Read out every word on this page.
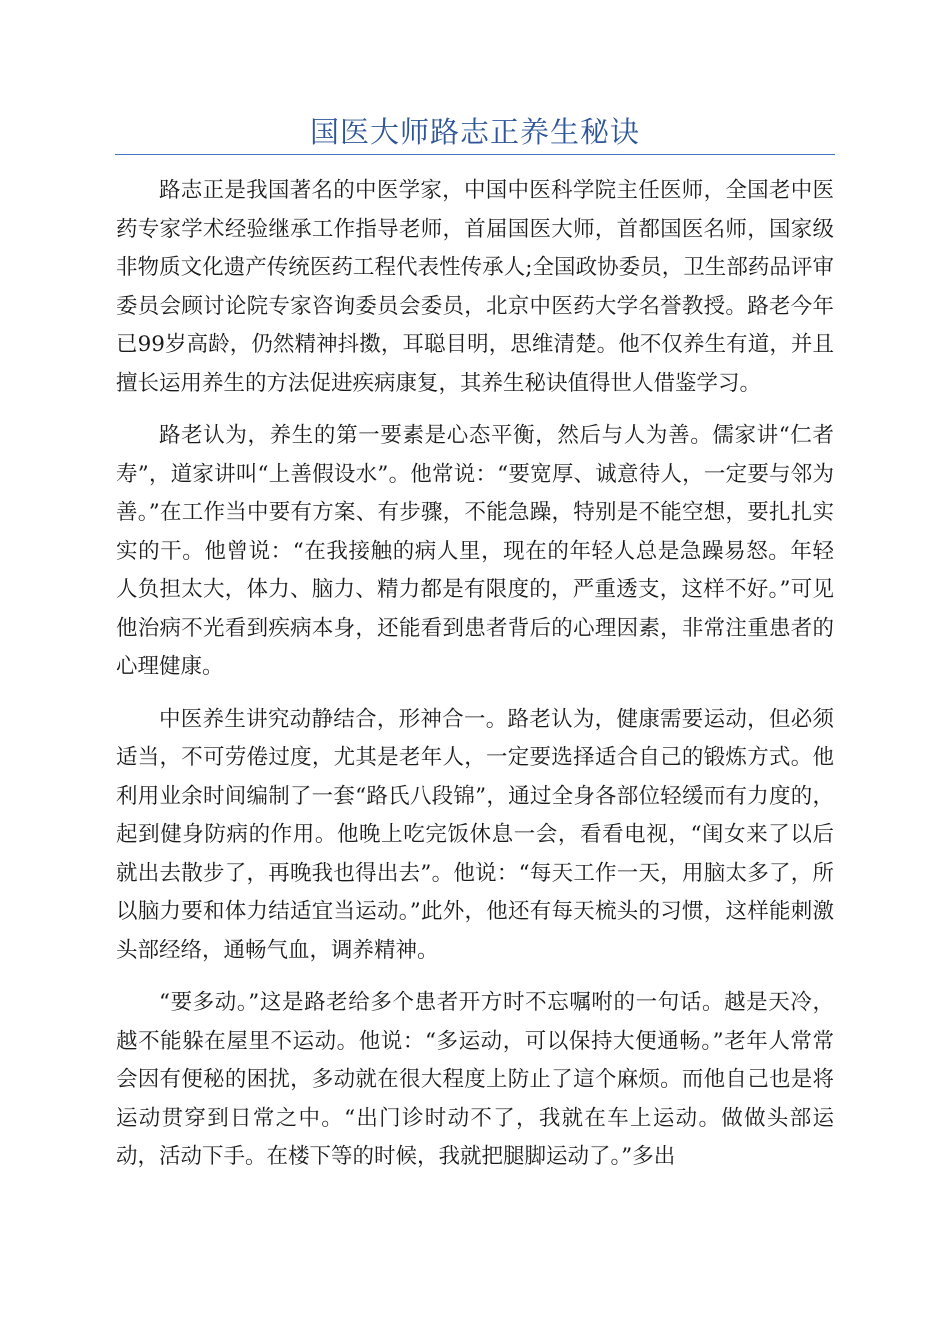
国医大师路志正养生秘诀

路志正是我国著名的中医学家，中国中医科学院主任医师，全国老中医药专家学术经验继承工作指导老师，首届国医大师，首都国医名师，国家级非物质文化遗产传统医药工程代表性传承人;全国政协委员，卫生部药品评审委员会顾讨论院专家咨询委员会委员，北京中医药大学名誉教授。路老今年已99岁高龄，仍然精神抖擞，耳聪目明，思维清楚。他不仅养生有道，并且擅长运用养生的方法促进疾病康复，其养生秘诀值得世人借鉴学习。

路老认为，养生的第一要素是心态平衡，然后与人为善。儒家讲“仁者寿”，道家讲叫“上善假设水”。他常说：“要宽厚、诚意待人，一定要与邻为善。”在工作当中要有方案、有步骤，不能急躁，特别是不能空想，要扎扎实实的干。他曾说：“在我接触的病人里，现在的年轻人总是急躁易怒。年轻人负担太大，体力、脑力、精力都是有限度的，严重透支，这样不好。”可见他治病不光看到疾病本身，还能看到患者背后的心理因素，非常注重患者的心理健康。

中医养生讲究动静结合，形神合一。路老认为，健康需要运动，但必须适当，不可劳倦过度，尤其是老年人，一定要选择适合自己的锻炼方式。他利用业余时间编制了一套“路氏八段锦”，通过全身各部位轻缓而有力度的，起到健身防病的作用。他晚上吃完饭休息一会，看看电视，“闺女来了以后就出去散步了，再晚我也得出去”。他说：“每天工作一天，用脑太多了，所以脑力要和体力结适宜当运动。”此外，他还有每天梳头的习惯，这样能刺激头部经络，通畅气血，调养精神。

“要多动。”这是路老给多个患者开方时不忘嘱咐的一句话。越是天冷，越不能躲在屋里不运动。他说：“多运动，可以保持大便通畅。”老年人常常会因有便秘的困扰，多动就在很大程度上防止了這个麻烦。而他自己也是将运动贯穿到日常之中。“出门诊时动不了，我就在车上运动。做做头部运动，活动下手。在楼下等的时候，我就把腿脚运动了。”多出
